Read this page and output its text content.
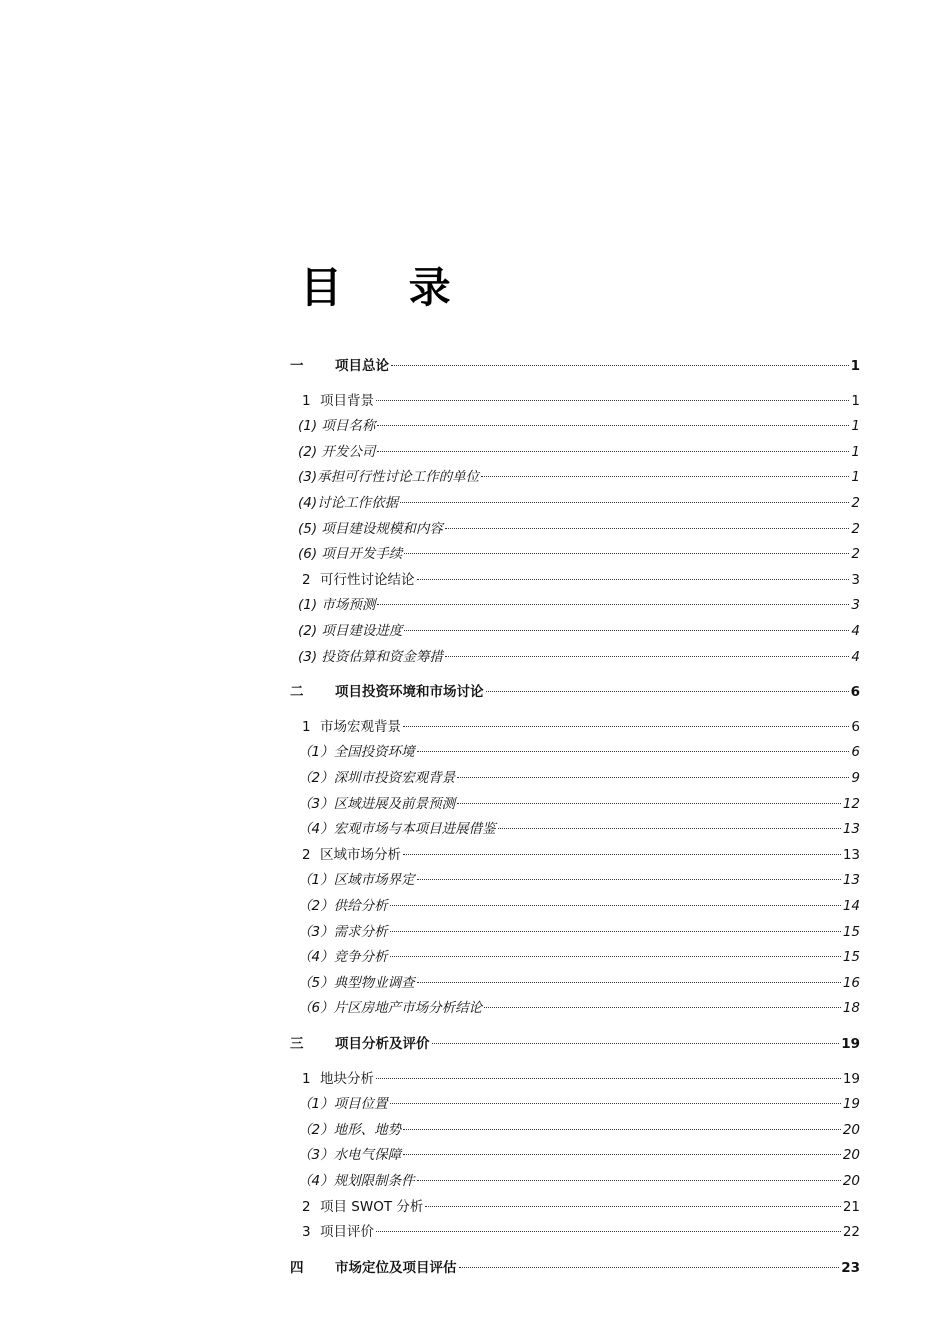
目 录
一 项目总论	1
1 项目背景	1
(1) 项目名称	1
(2) 开发公司	1
(3)承担可行性讨论工作的单位	1
(4)讨论工作依据	2
(5) 项目建设规模和内容	2
(6) 项目开发手续	2
2 可行性讨论结论	3
(1) 市场预测	3
(2) 项目建设进度	4
(3) 投资估算和资金筹措	4
二 项目投资环境和市场讨论	6
1 市场宏观背景	6
（1）全国投资环境	6
（2）深圳市投资宏观背景	9
（3）区域进展及前景预测	12
（4）宏观市场与本项目进展借鉴	13
2 区域市场分析	13
（1）区域市场界定	13
（2）供给分析	14
（3）需求分析	15
（4）竞争分析	15
（5）典型物业调查	16
（6）片区房地产市场分析结论	18
三 项目分析及评价	19
1 地块分析	19
（1）项目位置	19
（2）地形、地势	20
（3）水电气保障	20
（4）规划限制条件	20
2 项目 SWOT 分析	21
3 项目评价	22
四 市场定位及项目评估	23
